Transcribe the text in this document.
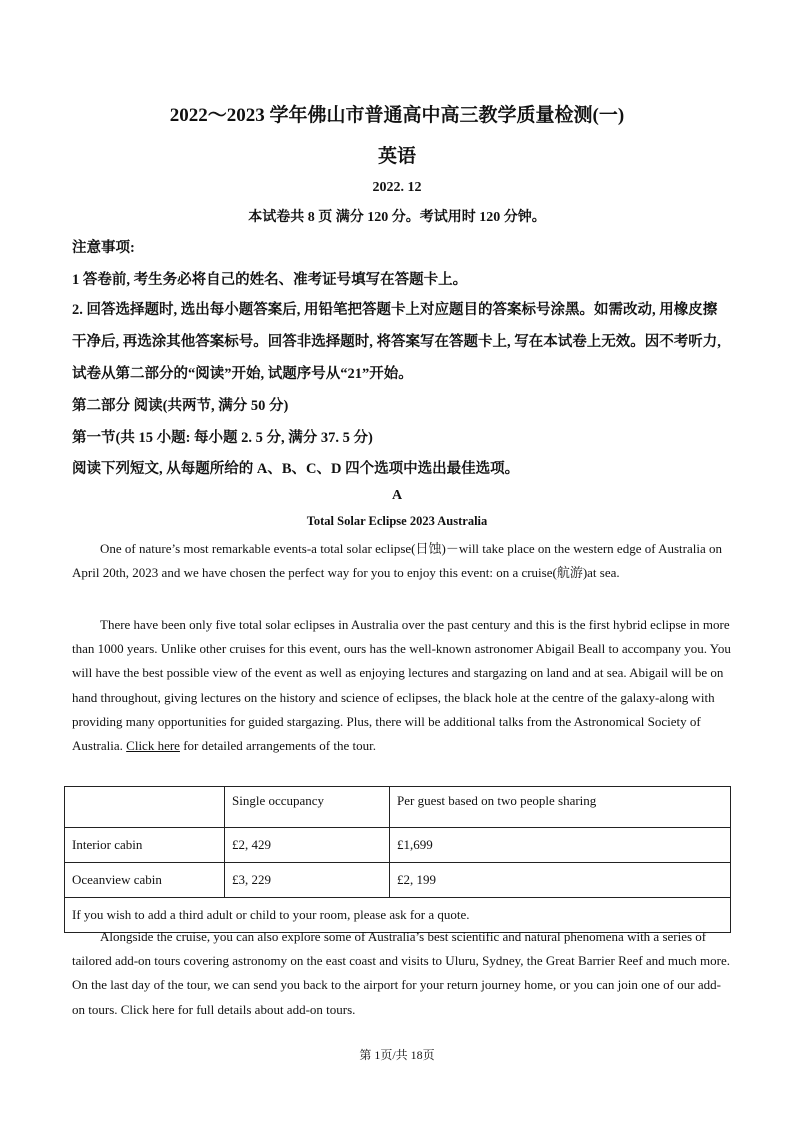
2022～2023 学年佛山市普通高中高三教学质量检测(一)
英语
2022. 12
本试卷共 8 页 满分 120 分。考试用时 120 分钟。
注意事项:
1 答卷前, 考生务必将自己的姓名、准考证号填写在答题卡上。
2. 回答选择题时, 选出每小题答案后, 用铅笔把答题卡上对应题目的答案标号涂黑。如需改动, 用橡皮擦干净后, 再选涂其他答案标号。回答非选择题时, 将答案写在答题卡上, 写在本试卷上无效。因不考听力, 试卷从第二部分的“阅读”开始, 试题序号从“21”开始。
第二部分 阅读(共两节, 满分 50 分)
第一节(共 15 小题: 每小题 2. 5 分, 满分 37. 5 分)
阅读下列短文, 从每题所给的 A、B、C、D 四个选项中选出最佳选项。
A
Total Solar Eclipse 2023 Australia
One of nature’s most remarkable events-a total solar eclipse(日蚀)－will take place on the western edge of Australia on April 20th, 2023 and we have chosen the perfect way for you to enjoy this event: on a cruise(航游)at sea.
There have been only five total solar eclipses in Australia over the past century and this is the first hybrid eclipse in more than 1000 years. Unlike other cruises for this event, ours has the well-known astronomer Abigail Beall to accompany you. You will have the best possible view of the event as well as enjoying lectures and stargazing on land and at sea. Abigail will be on hand throughout, giving lectures on the history and science of eclipses, the black hole at the centre of the galaxy-along with providing many opportunities for guided stargazing. Plus, there will be additional talks from the Astronomical Society of Australia. Click here for detailed arrangements of the tour.
	Single occupancy	Per guest based on two people sharing
Interior cabin	£2, 429	£1,699
Oceanview cabin	£3, 229	£2, 199
If you wish to add a third adult or child to your room, please ask for a quote.		
Alongside the cruise, you can also explore some of Australia’s best scientific and natural phenomena with a series of tailored add-on tours covering astronomy on the east coast and visits to Uluru, Sydney, the Great Barrier Reef and much more. On the last day of the tour, we can send you back to the airport for your return journey home, or you can join one of our add-on tours. Click here for full details about add-on tours.
第 1页/共 18页
